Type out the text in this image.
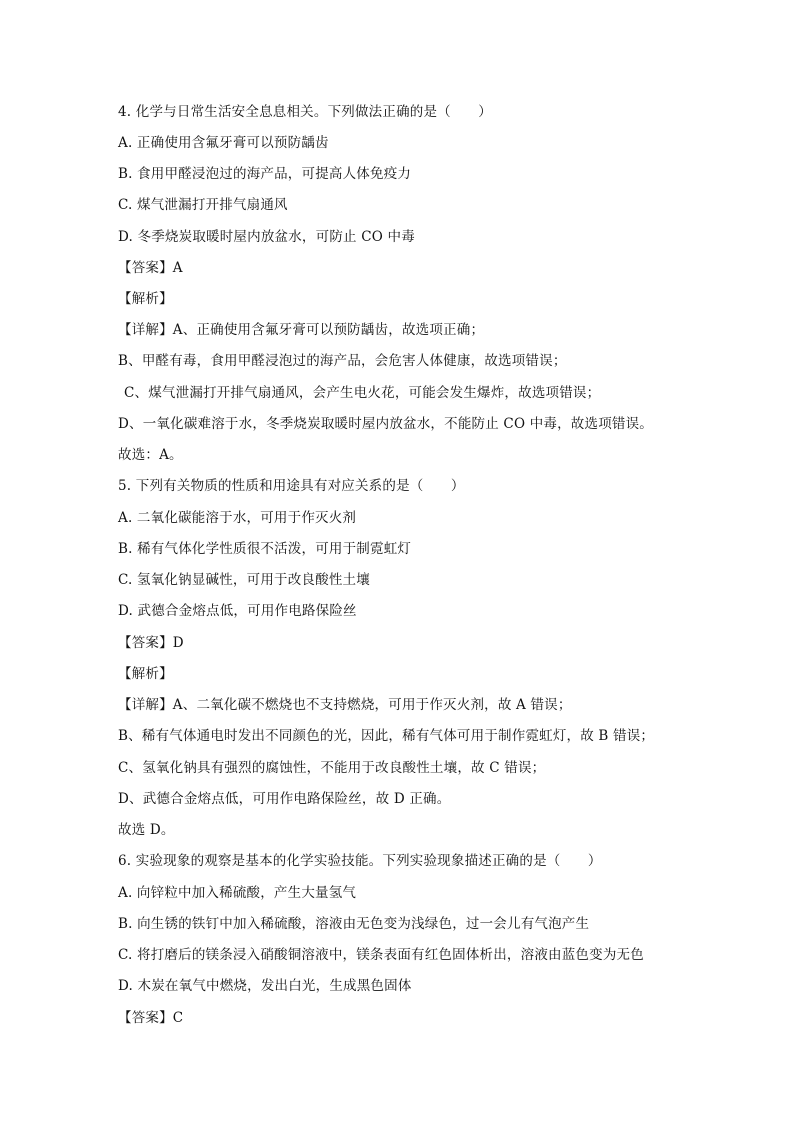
4. 化学与日常生活安全息息相关。下列做法正确的是（　　）
A. 正确使用含氟牙膏可以预防龋齿
B. 食用甲醛浸泡过的海产品，可提高人体免疫力
C. 煤气泄漏打开排气扇通风
D. 冬季烧炭取暖时屋内放盆水，可防止 CO 中毒
【答案】A
【解析】
【详解】A、正确使用含氟牙膏可以预防龋齿，故选项正确；
B、甲醛有毒，食用甲醛浸泡过的海产品，会危害人体健康，故选项错误；
C、煤气泄漏打开排气扇通风，会产生电火花，可能会发生爆炸，故选项错误；
D、一氧化碳难溶于水，冬季烧炭取暖时屋内放盆水，不能防止 CO 中毒，故选项错误。
故选：A。
5. 下列有关物质的性质和用途具有对应关系的是（　　）
A. 二氧化碳能溶于水，可用于作灭火剂
B. 稀有气体化学性质很不活泼，可用于制霓虹灯
C. 氢氧化钠显碱性，可用于改良酸性土壤
D. 武德合金熔点低，可用作电路保险丝
【答案】D
【解析】
【详解】A、二氧化碳不燃烧也不支持燃烧，可用于作灭火剂，故 A 错误；
B、稀有气体通电时发出不同颜色的光，因此，稀有气体可用于制作霓虹灯，故 B 错误；
C、氢氧化钠具有强烈的腐蚀性，不能用于改良酸性土壤，故 C 错误；
D、武德合金熔点低，可用作电路保险丝，故 D 正确。
故选 D。
6. 实验现象的观察是基本的化学实验技能。下列实验现象描述正确的是（　　）
A. 向锌粒中加入稀硫酸，产生大量氢气
B. 向生锈的铁钉中加入稀硫酸，溶液由无色变为浅绿色，过一会儿有气泡产生
C. 将打磨后的镁条浸入硝酸铜溶液中，镁条表面有红色固体析出，溶液由蓝色变为无色
D. 木炭在氧气中燃烧，发出白光，生成黑色固体
【答案】C
